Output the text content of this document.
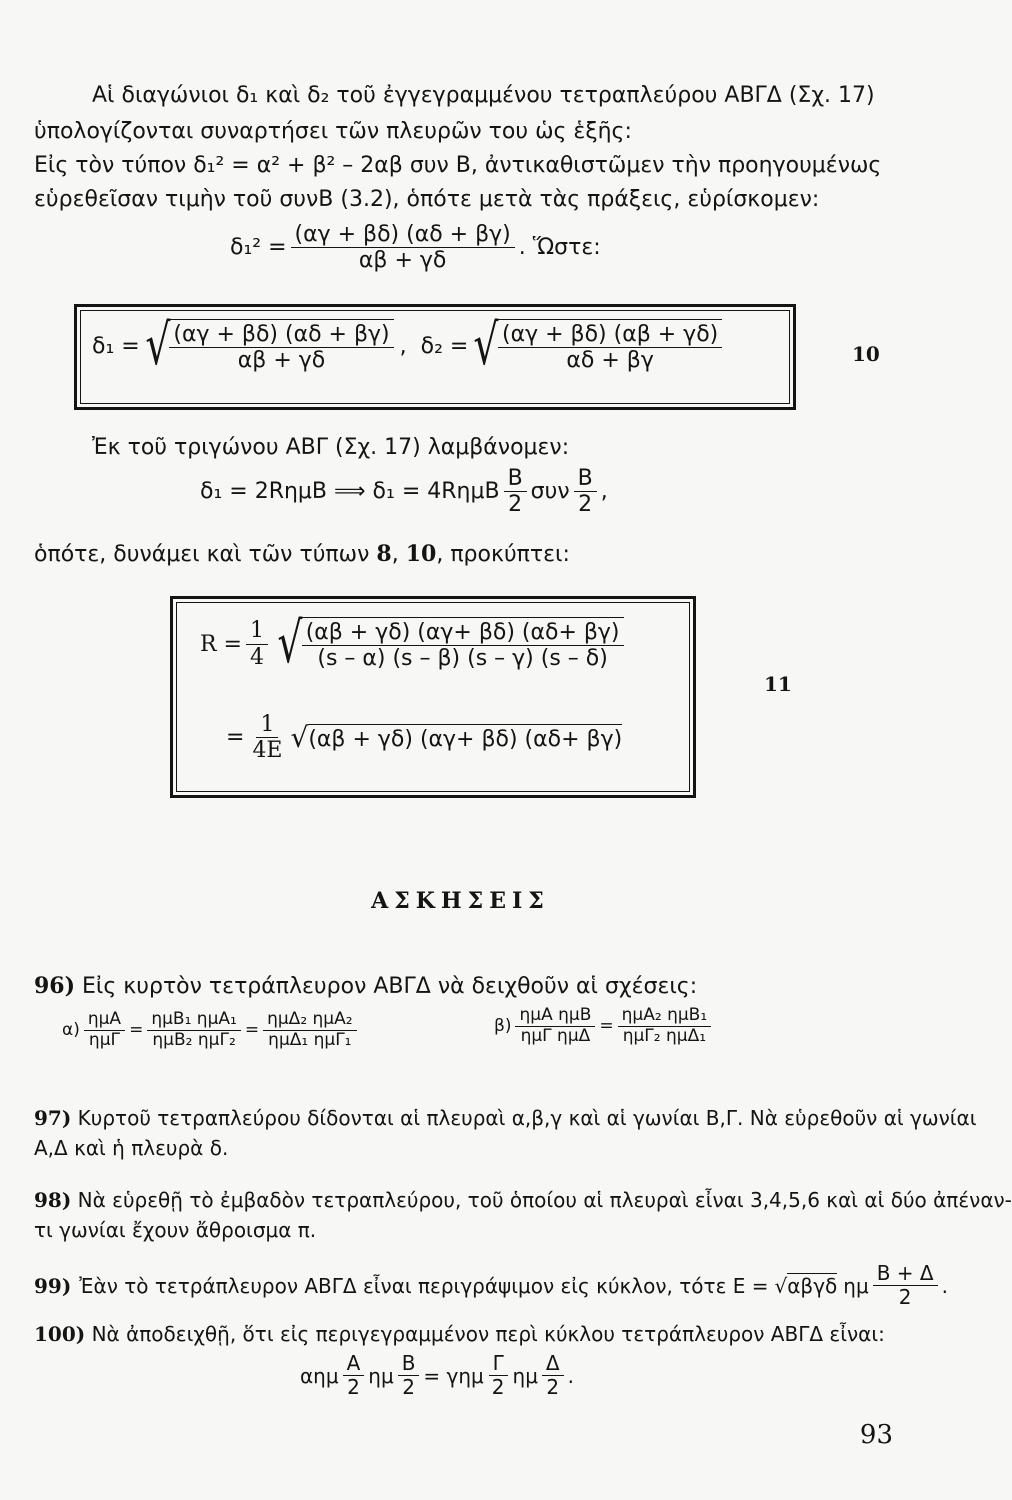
Αἱ διαγώνιοι δ₁ καὶ δ₂ τοῦ ἐγγεγραμμένου τετραπλεύρου ΑΒΓΔ (Σχ. 17)
ὑπολογίζονται συναρτήσει τῶν πλευρῶν του ὡς ἑξῆς:
Εἰς τὸν τύπον δ₁² = α² + β² – 2αβ συν Β, ἀντικαθιστῶμεν τὴν προηγουμένως
εὑρεθεῖσαν τιμὴν τοῦ συνΒ (3.2), ὁπότε μετὰ τὰς πράξεις, εὑρίσκομεν:
$\delta_1^2 = \frac{(\alpha\gamma + \beta\delta) (\alpha\delta + \beta\gamma)}{\alpha\beta + \gamma\delta}$ . Ὥστε:
δ₁ = √ $\frac{(\alpha\gamma + \beta\delta) (\alpha\delta + \beta\gamma)}{\alpha\beta + \gamma\delta}$ , δ₂ = √ $\frac{(\alpha\gamma + \beta\delta) (\alpha\beta + \gamma\delta)}{\alpha\delta + \beta\gamma}$	10
Ἐκ τοῦ τριγώνου ΑΒΓ (Σχ. 17) λαμβάνομεν:
δ₁ = 2RημΒ ⟹ $\delta_1 = 4R\eta\mu B \frac{B}{2}$ συν $\frac{B}{2}$ ,
ὁπότε, δυνάμει καὶ τῶν τύπων 8, 10, προκύπτει:
$R = \frac{1}{4}$ √ $\frac{(\alpha\beta + \gamma\delta) (\alpha\gamma+ \beta\delta) (\alpha\delta+ \beta\gamma)}{(s - \alpha) (s - \beta) (s - \gamma) (s - \delta)}$
= $\frac{1}{4E}$ √ (αβ + γδ) (αγ+ βδ) (αδ+ βγ)
11
ΑΣΚΗΣΕΙΣ
96) Εἰς κυρτὸν τετράπλευρον ΑΒΓΔ νὰ δειχθοῦν αἱ σχέσεις:
$\alpha) \frac{\text{ημΑ}}{\text{ημΓ}} = \frac{\text{ημΒ₁ ημΑ₁}}{\text{ημΒ₂ ημΓ₂}} = \frac{\text{ημΔ₂ ημΑ₂}}{\text{ημΔ₁ ημΓ₁}}$	$\beta) \frac{\text{ημΑ ημΒ}}{\text{ημΓ ημΔ}} = \frac{\text{ημΑ₂ ημΒ₁}}{\text{ημΓ₂ ημΔ₁}}$
97) Κυρτοῦ τετραπλεύρου δίδονται αἱ πλευραὶ α,β,γ καὶ αἱ γωνίαι Β,Γ. Νὰ εὑρεθοῦν αἱ γωνίαι
Α,Δ καὶ ἡ πλευρὰ δ.
98) Νὰ εὑρεθῇ τὸ ἐμβαδὸν τετραπλεύρου, τοῦ ὁποίου αἱ πλευραὶ εἶναι 3,4,5,6 καὶ αἱ δύο ἀπέναν-
τι γωνίαι ἔχουν ἄθροισμα π.
99) Ἐὰν τὸ τετράπλευρον ΑΒΓΔ εἶναι περιγράψιμον εἰς κύκλον, τότε Ε = √ αβγδ ημ $\frac{B + \Delta}{2}$ .
100) Νὰ ἀποδειχθῇ, ὅτι εἰς περιγεγραμμένον περὶ κύκλου τετράπλευρον ΑΒΓΔ εἶναι:
αημ $\frac{A}{2}$ ημ $\frac{B}{2} = \gamma\eta\mu \frac{\Gamma}{2}$ ημ $\frac{\Delta}{2}$ .
93
